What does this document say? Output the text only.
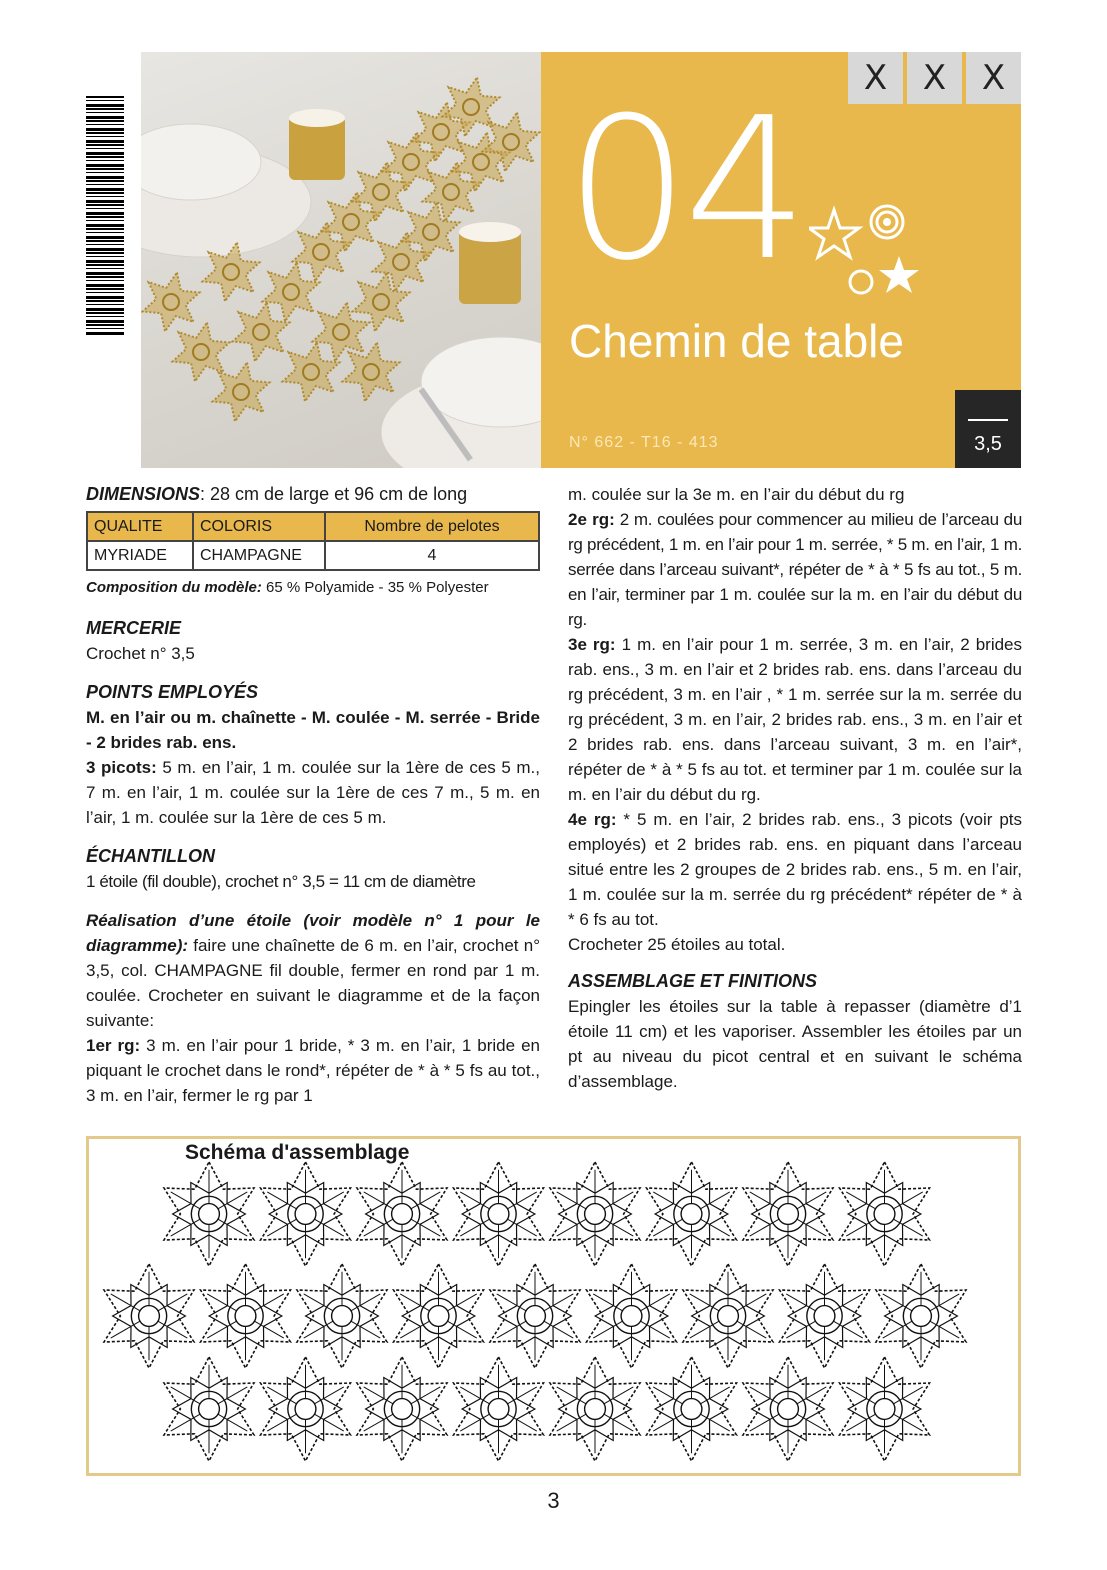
X	X	X
04
Chemin de table
N° 662 - T16 - 413	3,5
DIMENSIONS: 28 cm de large et 96 cm de long
QUALITE	COLORIS	Nombre de pelotes
MYRIADE	CHAMPAGNE	4
Composition du modèle: 65 % Polyamide - 35 % Polyester
MERCERIE

Crochet n° 3,5

POINTS EMPLOYÉS

M. en l’air ou m. chaînette - M. coulée - M. serrée - Bride - 2 brides rab. ens.

3 picots: 5 m. en l’air, 1 m. coulée sur la 1ère de ces 5 m., 7 m. en l’air, 1 m. coulée sur la 1ère de ces 7 m., 5 m. en l’air, 1 m. coulée sur la 1ère de ces 5 m.

ÉCHANTILLON

1 étoile (fil double), crochet n° 3,5 = 11 cm de diamètre

Réalisation d’une étoile (voir modèle n° 1 pour le diagramme): faire une chaînette de 6 m. en l’air, crochet n° 3,5, col. CHAMPAGNE fil double, fermer en rond par 1 m. coulée. Crocheter en suivant le diagramme et de la façon suivante:

1er rg: 3 m. en l’air pour 1 bride, * 3 m. en l’air, 1 bride en piquant le crochet dans le rond*, répéter de * à * 5 fs au tot., 3 m. en l’air, fermer le rg par 1

m. coulée sur la 3e m. en l’air du début du rg

2e rg: 2 m. coulées pour commencer au milieu de l’arceau du rg précédent, 1 m. en l’air pour 1 m. serrée, * 5 m. en l’air, 1 m. serrée dans l’arceau suivant*, répéter de * à * 5 fs au tot., 5 m. en l’air, terminer par 1 m. coulée sur la m. en l’air du début du rg.

3e rg: 1 m. en l’air pour 1 m. serrée, 3 m. en l’air, 2 brides rab. ens., 3 m. en l’air et 2 brides rab. ens. dans l’arceau du rg précédent, 3 m. en l’air , * 1 m. serrée sur la m. serrée du rg précédent, 3 m. en l’air, 2 brides rab. ens., 3 m. en l’air et 2 brides rab. ens. dans l’arceau suivant, 3 m. en l’air*, répéter de * à * 5 fs au tot. et terminer par 1 m. coulée sur la m. en l’air du début du rg.

4e rg: * 5 m. en l’air, 2 brides rab. ens., 3 picots (voir pts employés) et 2 brides rab. ens. en piquant dans l’arceau situé entre les 2 groupes de 2 brides rab. ens., 5 m. en l’air, 1 m. coulée sur la m. serrée du rg précédent* répéter de * à * 6 fs au tot.

Crocheter 25 étoiles au total.

ASSEMBLAGE ET FINITIONS

Epingler les étoiles sur la table à repasser (diamètre d’1 étoile 11 cm) et les vaporiser. Assembler les étoiles par un pt au niveau du picot central et en suivant le schéma d’assemblage.

Schéma d'assemblage
3
